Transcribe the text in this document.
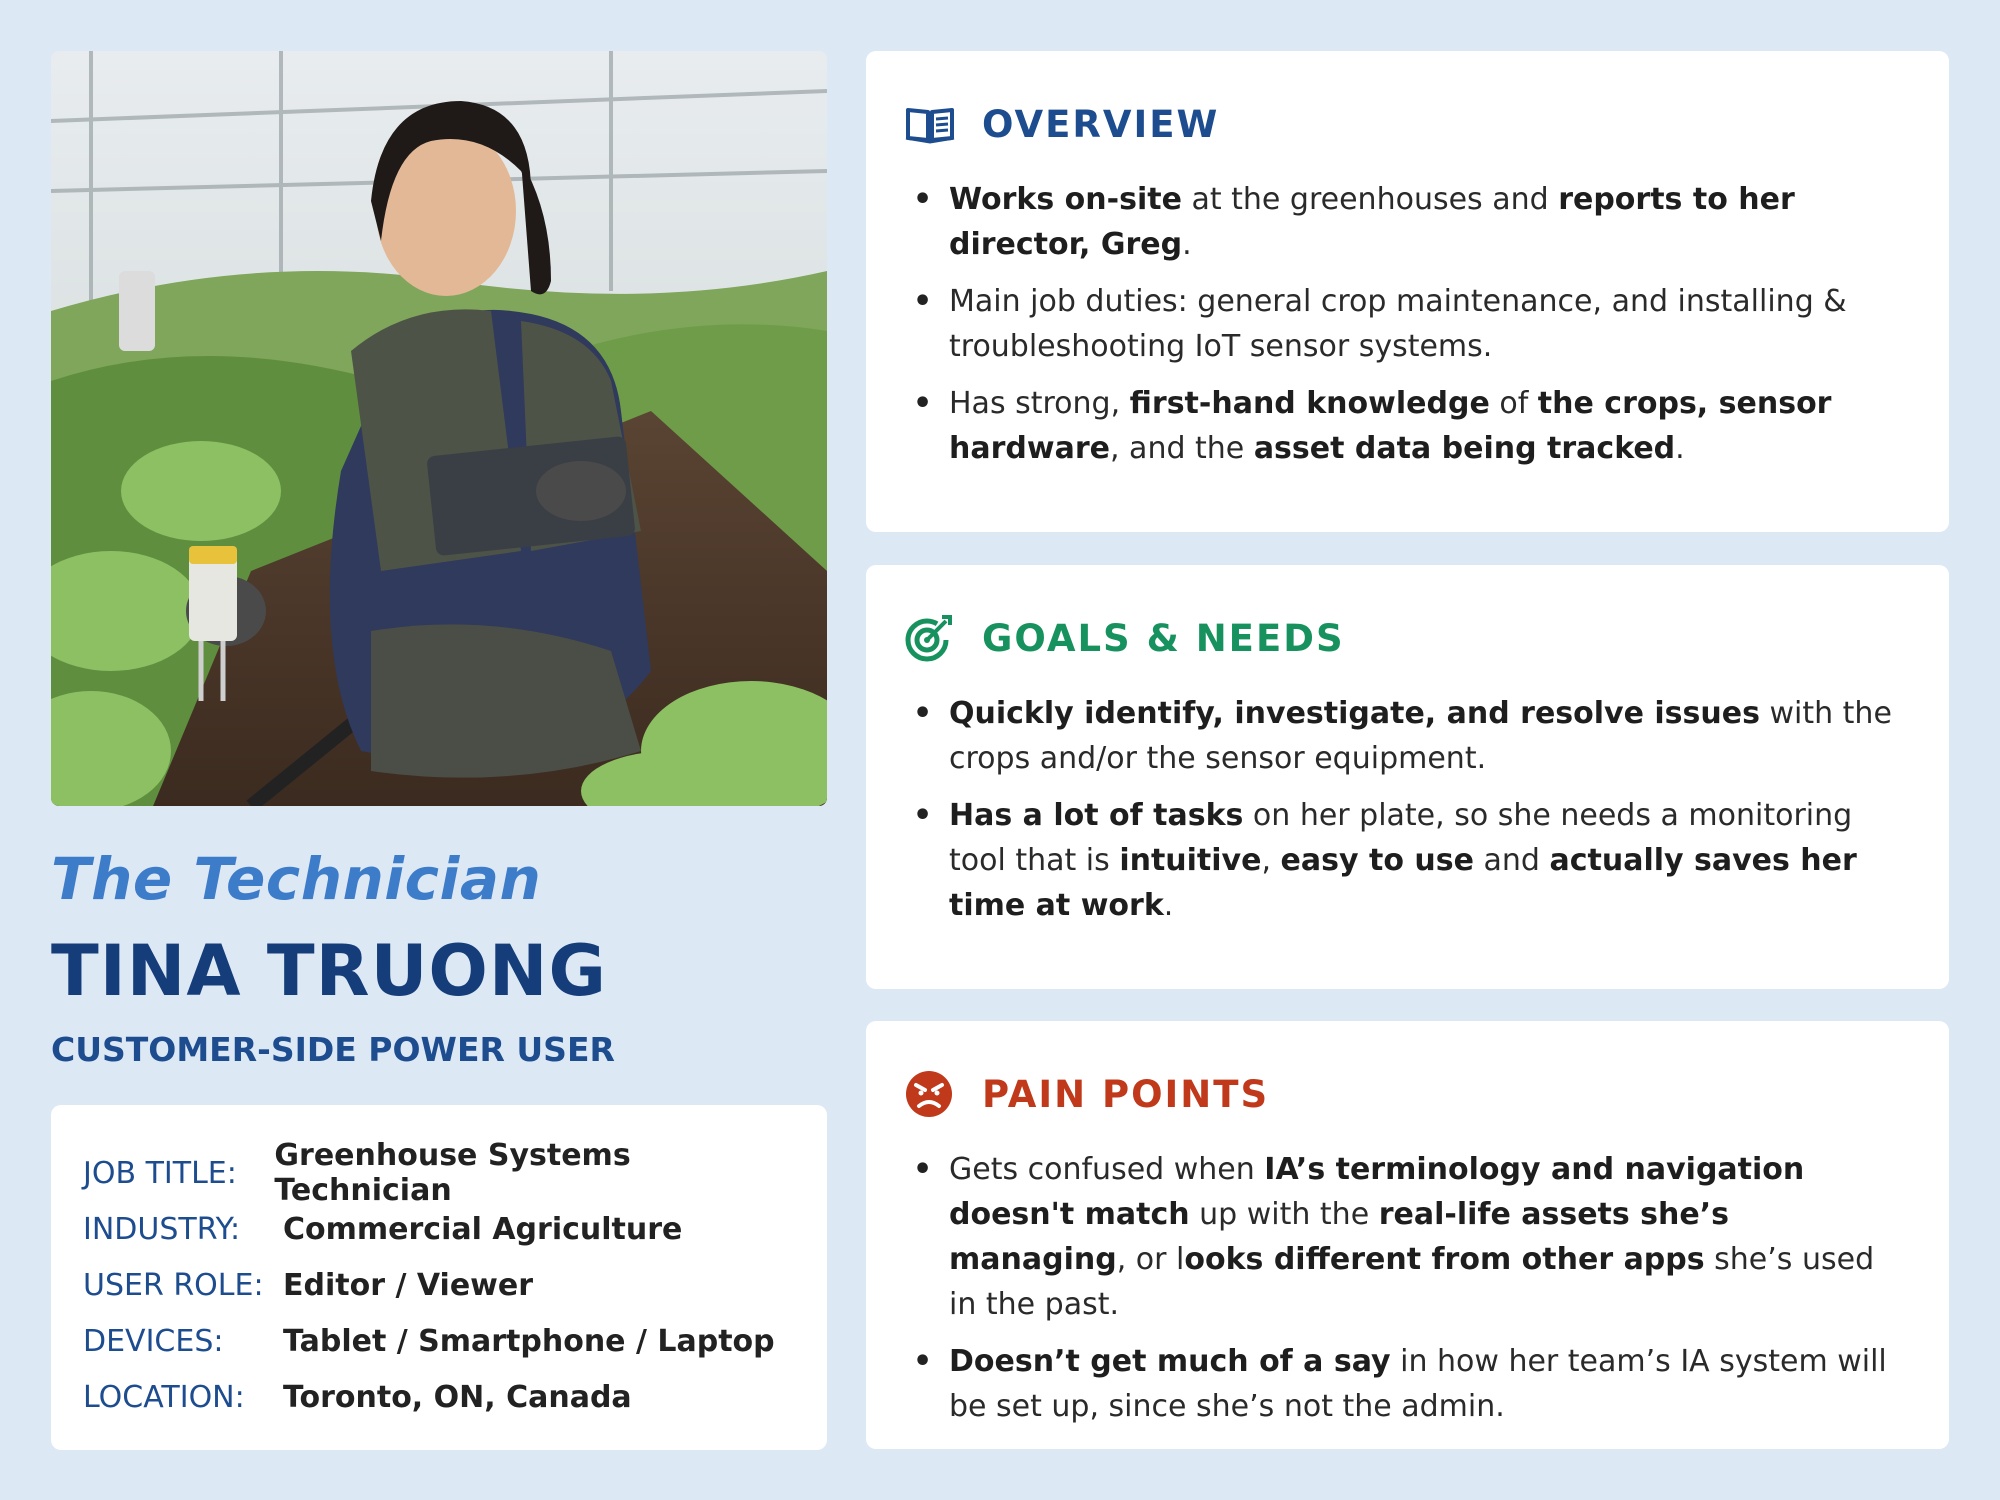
The Technician
TINA TRUONG
CUSTOMER-SIDE POWER USER
JOB TITLE:	Greenhouse Systems Technician
INDUSTRY:	Commercial Agriculture
USER ROLE: Editor / Viewer
DEVICES:	Tablet / Smartphone / Laptop
LOCATION:	Toronto, ON, Canada
OVERVIEW
• Works on-site at the greenhouses and reports to her director, Greg.
• Main job duties: general crop maintenance, and installing & troubleshooting IoT sensor systems.
• Has strong, first-hand knowledge of the crops, sensor hardware, and the asset data being tracked.
GOALS & NEEDS
• Quickly identify, investigate, and resolve issues with the crops and/or the sensor equipment.
• Has a lot of tasks on her plate, so she needs a monitoring tool that is intuitive, easy to use and actually saves her time at work.
PAIN POINTS
• Gets confused when IA’s terminology and navigation doesn't match up with the real-life assets she’s managing, or looks different from other apps she’s used in the past.
• Doesn’t get much of a say in how her team’s IA system will be set up, since she’s not the admin.
